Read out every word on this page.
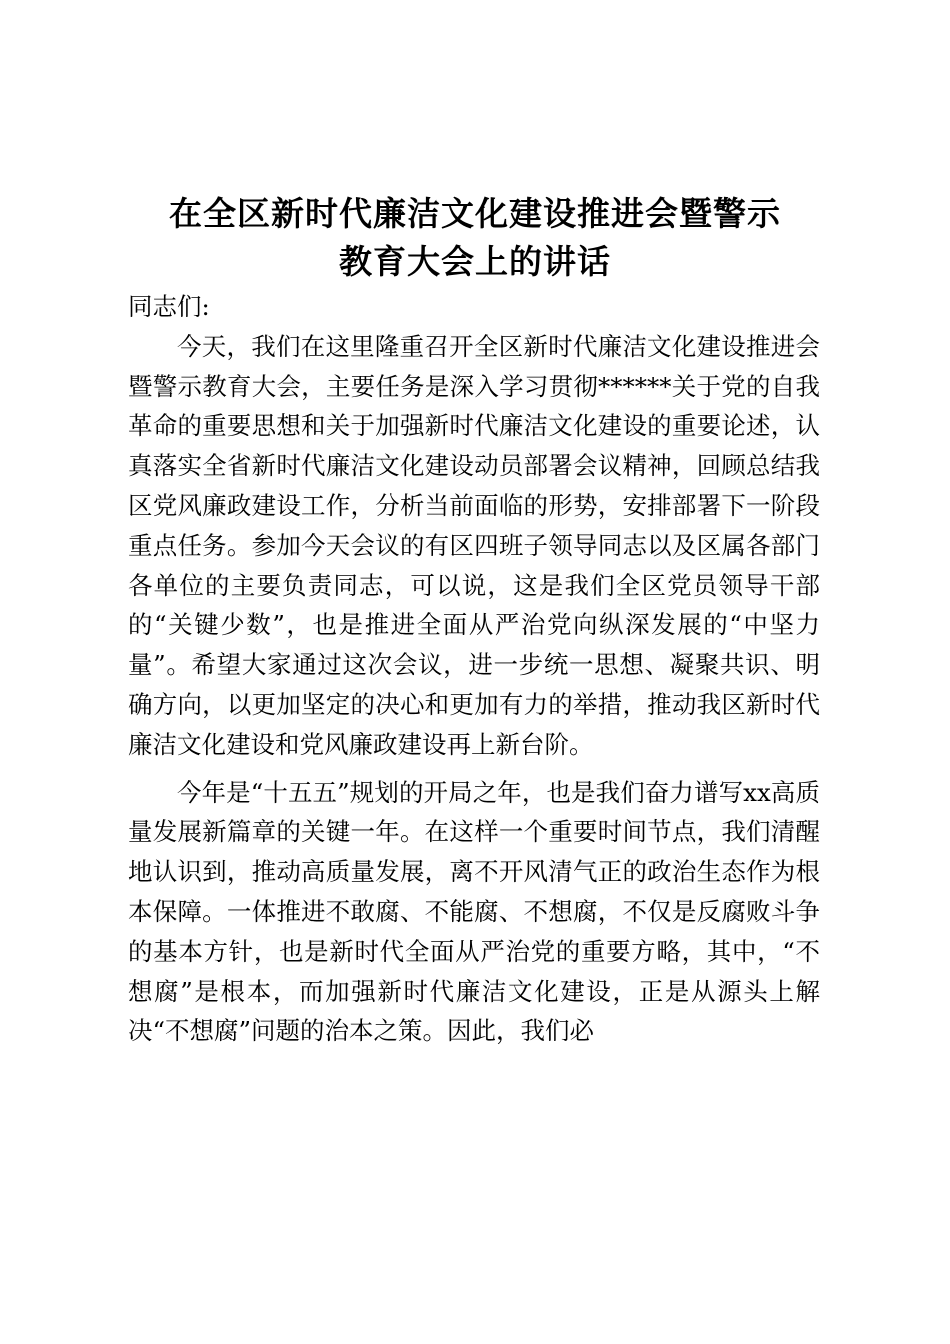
在全区新时代廉洁文化建设推进会暨警示
教育大会上的讲话

同志们:

今天，我们在这里隆重召开全区新时代廉洁文化建设推进会暨警示教育大会，主要任务是深入学习贯彻******关于党的自我革命的重要思想和关于加强新时代廉洁文化建设的重要论述，认真落实全省新时代廉洁文化建设动员部署会议精神，回顾总结我区党风廉政建设工作，分析当前面临的形势，安排部署下一阶段重点任务。参加今天会议的有区四班子领导同志以及区属各部门各单位的主要负责同志，可以说，这是我们全区党员领导干部的“关键少数”，也是推进全面从严治党向纵深发展的“中坚力量”。希望大家通过这次会议，进一步统一思想、凝聚共识、明确方向，以更加坚定的决心和更加有力的举措，推动我区新时代廉洁文化建设和党风廉政建设再上新台阶。

今年是“十五五”规划的开局之年，也是我们奋力谱写xx高质量发展新篇章的关键一年。在这样一个重要时间节点，我们清醒地认识到，推动高质量发展，离不开风清气正的政治生态作为根本保障。一体推进不敢腐、不能腐、不想腐，不仅是反腐败斗争的基本方针，也是新时代全面从严治党的重要方略，其中，“不想腐”是根本，而加强新时代廉洁文化建设，正是从源头上解决“不想腐”问题的治本之策。因此，我们必
